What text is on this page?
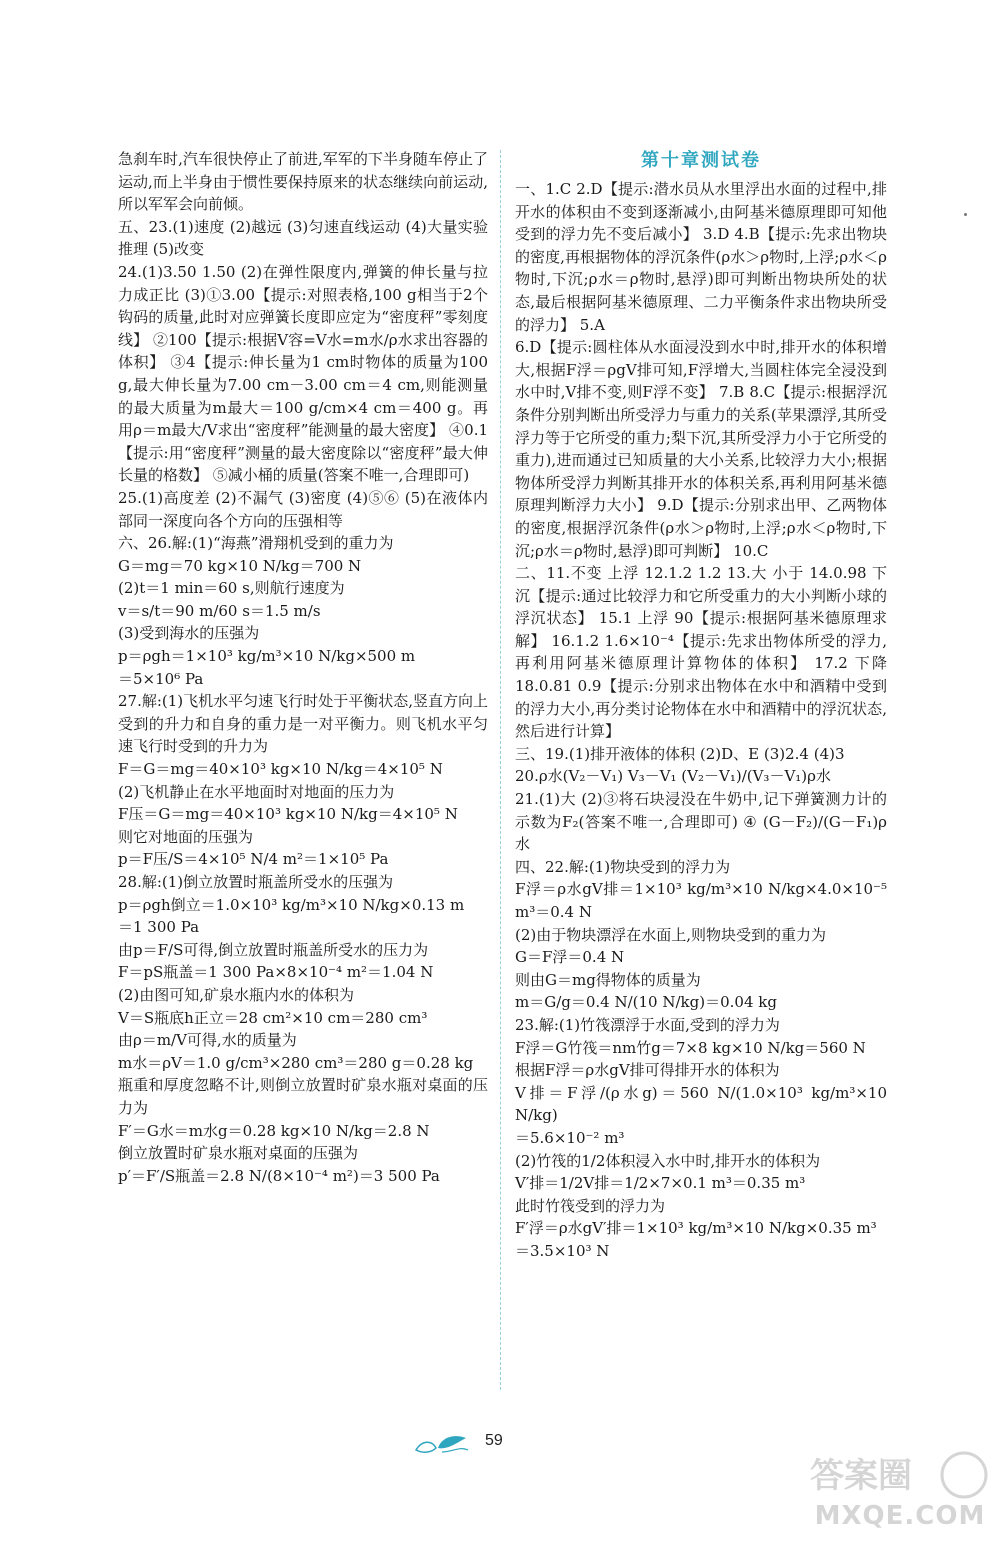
急刹车时,汽车很快停止了前进,军军的下半身随车停止了运动,而上半身由于惯性要保持原来的状态继续向前运动,所以军军会向前倾。

五、23.(1)速度 (2)越远 (3)匀速直线运动 (4)大量实验 推理 (5)改变

24.(1)3.50 1.50 (2)在弹性限度内,弹簧的伸长量与拉力成正比 (3)①3.00【提示:对照表格,100 g相当于2个钩码的质量,此时对应弹簧长度即应定为“密度秤”零刻度线】 ②100【提示:根据V容=V水=m水/ρ水求出容器的体积】 ③4【提示:伸长量为1 cm时物体的质量为100 g,最大伸长量为7.00 cm－3.00 cm＝4 cm,则能测量的最大质量为m最大＝100 g/cm×4 cm＝400 g。再用ρ＝m最大/V求出“密度秤”能测量的最大密度】 ④0.1【提示:用“密度秤”测量的最大密度除以“密度秤”最大伸长量的格数】 ⑤减小桶的质量(答案不唯一,合理即可)

25.(1)高度差 (2)不漏气 (3)密度 (4)⑤⑥ (5)在液体内部同一深度向各个方向的压强相等

六、26.解:(1)“海燕”滑翔机受到的重力为
G＝mg＝70 kg×10 N/kg＝700 N
(2)t＝1 min＝60 s,则航行速度为
v＝s/t＝90 m/60 s＝1.5 m/s
(3)受到海水的压强为
p＝ρgh＝1×10³ kg/m³×10 N/kg×500 m
＝5×10⁶ Pa

27.解:(1)飞机水平匀速飞行时处于平衡状态,竖直方向上受到的升力和自身的重力是一对平衡力。则飞机水平匀速飞行时受到的升力为
F＝G＝mg＝40×10³ kg×10 N/kg＝4×10⁵ N
(2)飞机静止在水平地面时对地面的压力为
F压＝G＝mg＝40×10³ kg×10 N/kg＝4×10⁵ N
则它对地面的压强为
p＝F压/S＝4×10⁵ N/4 m²＝1×10⁵ Pa

28.解:(1)倒立放置时瓶盖所受水的压强为
p＝ρgh倒立＝1.0×10³ kg/m³×10 N/kg×0.13 m
＝1 300 Pa
由p＝F/S可得,倒立放置时瓶盖所受水的压力为
F＝pS瓶盖＝1 300 Pa×8×10⁻⁴ m²＝1.04 N
(2)由图可知,矿泉水瓶内水的体积为
V＝S瓶底h正立＝28 cm²×10 cm＝280 cm³
由ρ＝m/V可得,水的质量为
m水＝ρV＝1.0 g/cm³×280 cm³＝280 g＝0.28 kg
瓶重和厚度忽略不计,则倒立放置时矿泉水瓶对桌面的压力为
F′＝G水＝m水g＝0.28 kg×10 N/kg＝2.8 N
倒立放置时矿泉水瓶对桌面的压强为
p′＝F′/S瓶盖＝2.8 N/(8×10⁻⁴ m²)＝3 500 Pa

第十章测试卷

一、1.C 2.D【提示:潜水员从水里浮出水面的过程中,排开水的体积由不变到逐渐减小,由阿基米德原理即可知他受到的浮力先不变后减小】 3.D 4.B【提示:先求出物块的密度,再根据物体的浮沉条件(ρ水＞ρ物时,上浮;ρ水＜ρ物时,下沉;ρ水＝ρ物时,悬浮)即可判断出物块所处的状态,最后根据阿基米德原理、二力平衡条件求出物块所受的浮力】 5.A

6.D【提示:圆柱体从水面浸没到水中时,排开水的体积增大,根据F浮＝ρgV排可知,F浮增大,当圆柱体完全浸没到水中时,V排不变,则F浮不变】 7.B 8.C【提示:根据浮沉条件分别判断出所受浮力与重力的关系(苹果漂浮,其所受浮力等于它所受的重力;梨下沉,其所受浮力小于它所受的重力),进而通过已知质量的大小关系,比较浮力大小;根据物体所受浮力判断其排开水的体积关系,再利用阿基米德原理判断浮力大小】 9.D【提示:分别求出甲、乙两物体的密度,根据浮沉条件(ρ水＞ρ物时,上浮;ρ水＜ρ物时,下沉;ρ水＝ρ物时,悬浮)即可判断】 10.C

二、11.不变 上浮 12.1.2 1.2 13.大 小于 14.0.98 下沉【提示:通过比较浮力和它所受重力的大小判断小球的浮沉状态】 15.1 上浮 90【提示:根据阿基米德原理求解】 16.1.2 1.6×10⁻⁴【提示:先求出物体所受的浮力,再利用阿基米德原理计算物体的体积】 17.2 下降 18.0.81 0.9【提示:分别求出物体在水中和酒精中受到的浮力大小,再分类讨论物体在水中和酒精中的浮沉状态,然后进行计算】

三、19.(1)排开液体的体积 (2)D、E (3)2.4 (4)3

20.ρ水(V₂－V₁) V₃－V₁ (V₂－V₁)/(V₃－V₁)ρ水

21.(1)大 (2)③将石块浸没在牛奶中,记下弹簧测力计的示数为F₂(答案不唯一,合理即可) ④ (G－F₂)/(G－F₁)ρ水

四、22.解:(1)物块受到的浮力为
F浮＝ρ水gV排＝1×10³ kg/m³×10 N/kg×4.0×10⁻⁵ m³＝0.4 N
(2)由于物块漂浮在水面上,则物块受到的重力为
G＝F浮＝0.4 N
则由G＝mg得物体的质量为
m＝G/g＝0.4 N/(10 N/kg)＝0.04 kg

23.解:(1)竹筏漂浮于水面,受到的浮力为
F浮＝G竹筏＝nm竹g＝7×8 kg×10 N/kg＝560 N
根据F浮＝ρ水gV排可得排开水的体积为
V排＝F浮/(ρ水g)＝560 N/(1.0×10³ kg/m³×10 N/kg)
＝5.6×10⁻² m³
(2)竹筏的1/2体积浸入水中时,排开水的体积为
V′排＝1/2V排＝1/2×7×0.1 m³＝0.35 m³
此时竹筏受到的浮力为
F′浮＝ρ水gV′排＝1×10³ kg/m³×10 N/kg×0.35 m³
＝3.5×10³ N

59
答案圈
MXQE.COM
